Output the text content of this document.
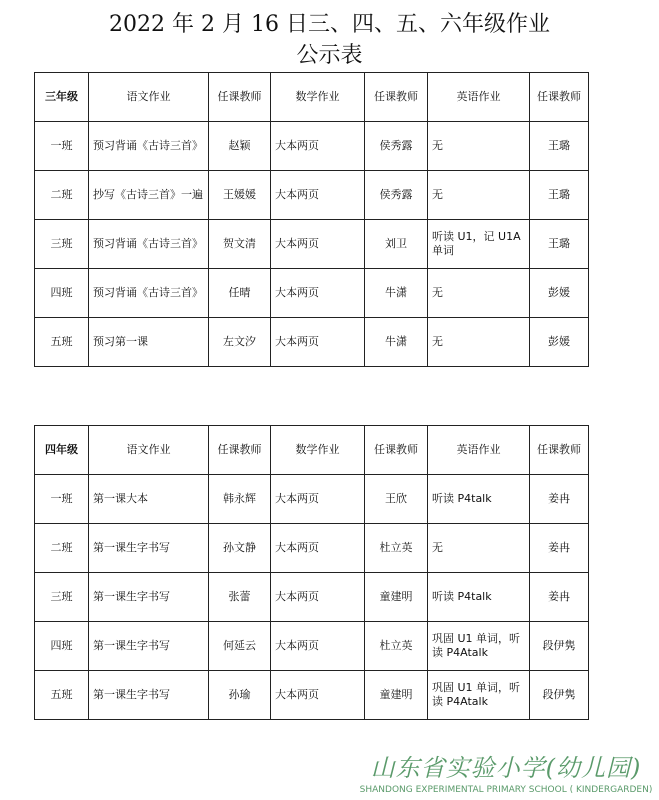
2022 年 2 月 16 日三、四、五、六年级作业
公示表
三年级	语文作业	任课教师	数学作业	任课教师	英语作业	任课教师
一班	预习背诵《古诗三首》	赵颖	大本两页	侯秀露	无	王璐
二班	抄写《古诗三首》一遍	王媛媛	大本两页	侯秀露	无	王璐
三班	预习背诵《古诗三首》	贺文清	大本两页	刘卫	听读 U1，记 U1A 单词	王璐
四班	预习背诵《古诗三首》	任晴	大本两页	牛潇	无	彭媛
五班	预习第一课	左文汐	大本两页	牛潇	无	彭媛
四年级	语文作业	任课教师	数学作业	任课教师	英语作业	任课教师
一班	第一课大本	韩永辉	大本两页	王欣	听读 P4talk	姜冉
二班	第一课生字书写	孙文静	大本两页	杜立英	无	姜冉
三班	第一课生字书写	张蕾	大本两页	童建明	听读 P4talk	姜冉
四班	第一课生字书写	何延云	大本两页	杜立英	巩固 U1 单词，听读 P4Atalk	段伊隽
五班	第一课生字书写	孙瑜	大本两页	童建明	巩固 U1 单词，听读 P4Atalk	段伊隽
山东省实验小学(幼儿园)
SHANDONG EXPERIMENTAL PRIMARY SCHOOL ( KINDERGARDEN)
